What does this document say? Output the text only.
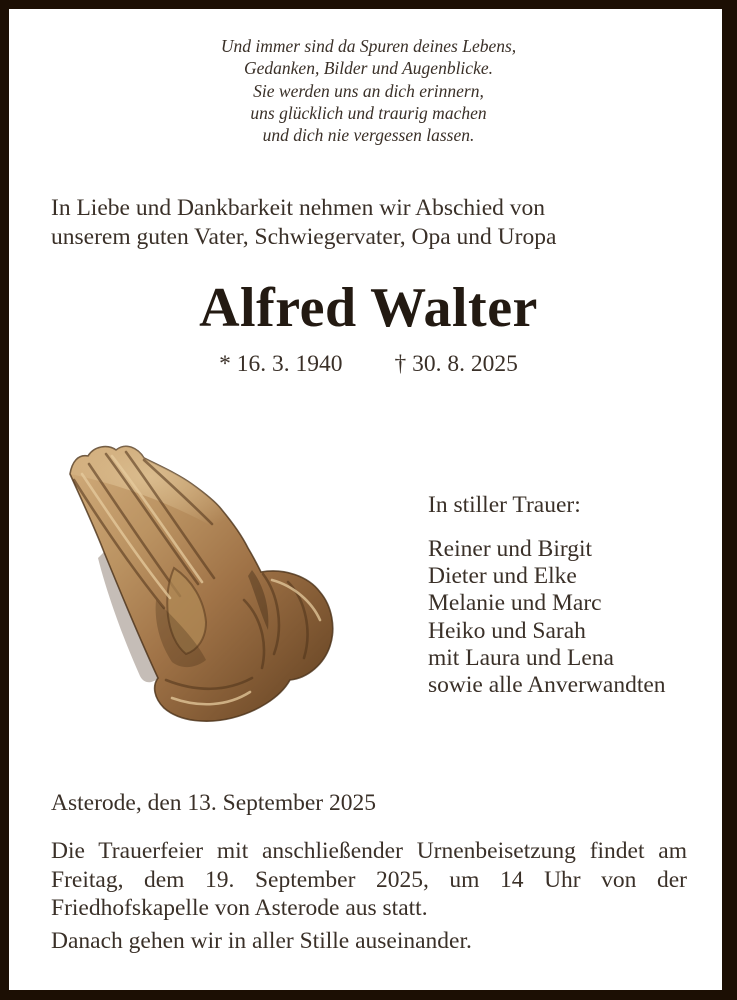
Und immer sind da Spuren deines Lebens,
Gedanken, Bilder und Augenblicke.
Sie werden uns an dich erinnern,
uns glücklich und traurig machen
und dich nie vergessen lassen.
In Liebe und Dankbarkeit nehmen wir Abschied von
unserem guten Vater, Schwiegervater, Opa und Uropa
Alfred Walter
* 16. 3. 1940 † 30. 8. 2025
In stiller Trauer:
Reiner und Birgit
Dieter und Elke
Melanie und Marc
Heiko und Sarah
mit Laura und Lena
sowie alle Anverwandten
Asterode, den 13. September 2025

Die Trauerfeier mit anschließender Urnenbeisetzung findet am Freitag, dem 19. September 2025, um 14 Uhr von der Friedhofskapelle von Asterode aus statt.

Danach gehen wir in aller Stille auseinander.
